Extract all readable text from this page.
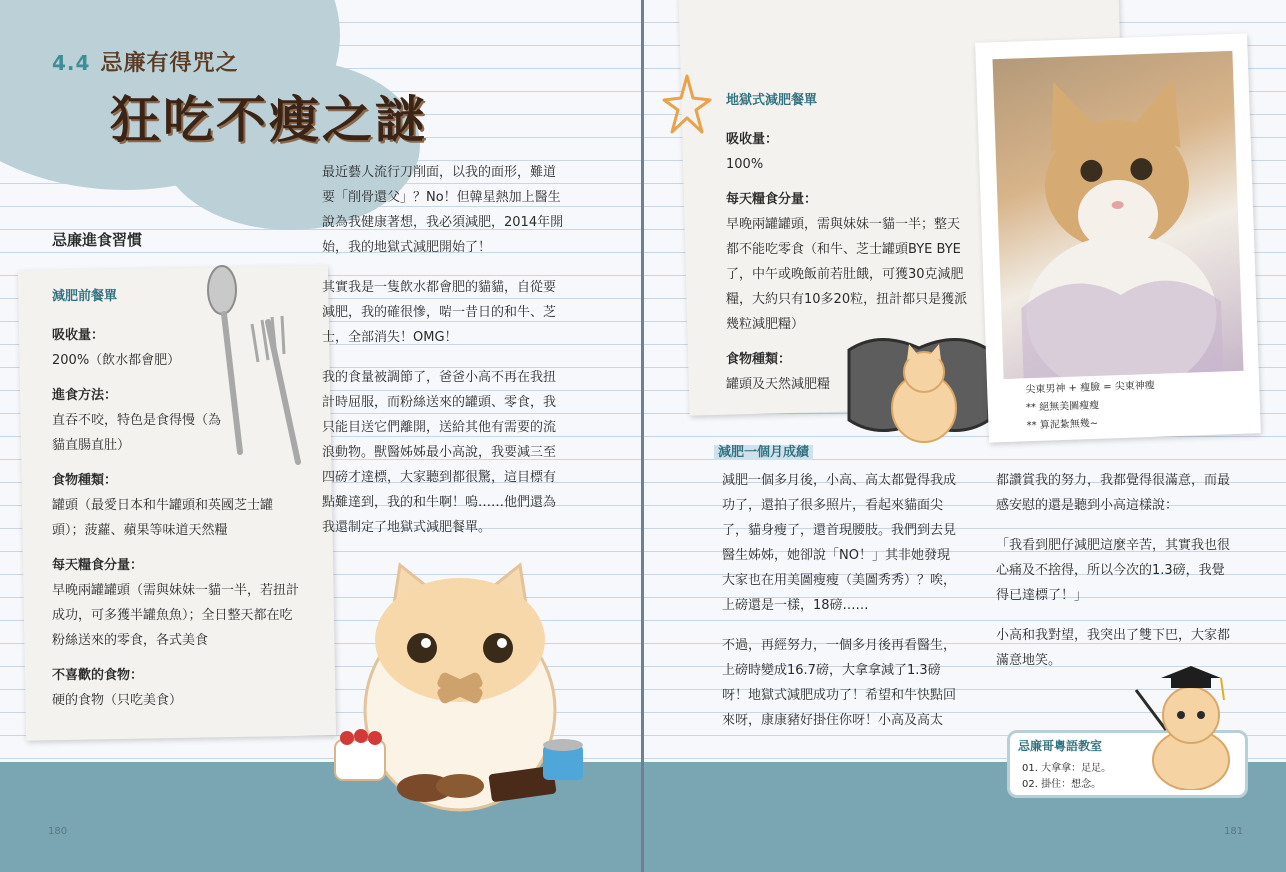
4.4 忌廉有得咒之
狂吃不瘦之謎
忌廉進食習慣
減肥前餐單
吸收量：
200%（飲水都會肥）
進食方法：
直吞不咬，特色是食得慢（為貓直腸直肚）
食物種類：
罐頭（最愛日本和牛罐頭和英國芝士罐頭）；菠蘿、蘋果等味道天然糧
每天糧食分量：
早晚兩罐罐頭（需與妹妹一貓一半，若扭計成功，可多獲半罐魚魚）；全日整天都在吃粉絲送來的零食，各式美食
不喜歡的食物：
硬的食物（只吃美食）

最近藝人流行刀削面，以我的面形，難道要「削骨還父」？No！但韓星熱加上醫生說為我健康著想，我必須減肥，2014年開始，我的地獄式減肥開始了！

其實我是一隻飲水都會肥的貓貓，自從要減肥，我的確很慘，啱一昔日的和牛、芝士，全部消失！OMG！

我的食量被調節了，爸爸小高不再在我扭計時屈服，而粉絲送來的罐頭、零食，我只能目送它們離開，送給其他有需要的流浪動物。獸醫姊姊最小高說，我要減三至四磅才達標，大家聽到都很驚，這目標有點難達到，我的和牛啊！嗚……他們還為我還制定了地獄式減肥餐單。

180
地獄式減肥餐單
吸收量：
100%
每天糧食分量：
早晚兩罐罐頭，需與妹妹一貓一半；整天都不能吃零食（和牛、芝士罐頭BYE BYE了，中午或晚飯前若肚餓，可獲30克減肥糧，大約只有10多20粒，扭計都只是獲派幾粒減肥糧）
食物種類：
罐頭及天然減肥糧	尖東男神 + 瘦臉 = 尖東神瘦
** 絕無美圖瘦瘦
** 算泥紮無幾~
減肥一個月成績

減肥一個多月後，小高、高太都覺得我成功了，還拍了很多照片，看起來貓面尖了，貓身瘦了，還首現腰肢。我們到去見醫生姊姊，她卻說「NO！」其非她發現大家也在用美圖瘦瘦（美圖秀秀）？唉，上磅還是一樣，18磅……

不過，再經努力，一個多月後再看醫生，上磅時變成16.7磅，大拿拿減了1.3磅呀！地獄式減肥成功了！希望和牛快點回來呀，康康豬好掛住你呀！小高及高太

都讚賞我的努力，我都覺得很滿意，而最感安慰的還是聽到小高這樣說：

「我看到肥仔減肥這麼辛苦，其實我也很心痛及不捨得，所以今次的1.3磅，我覺得已達標了！」

小高和我對望，我突出了雙下巴，大家都滿意地笑。

忌廉哥粵語教室
01. 大拿拿：足足。
02. 掛住：想念。
181
